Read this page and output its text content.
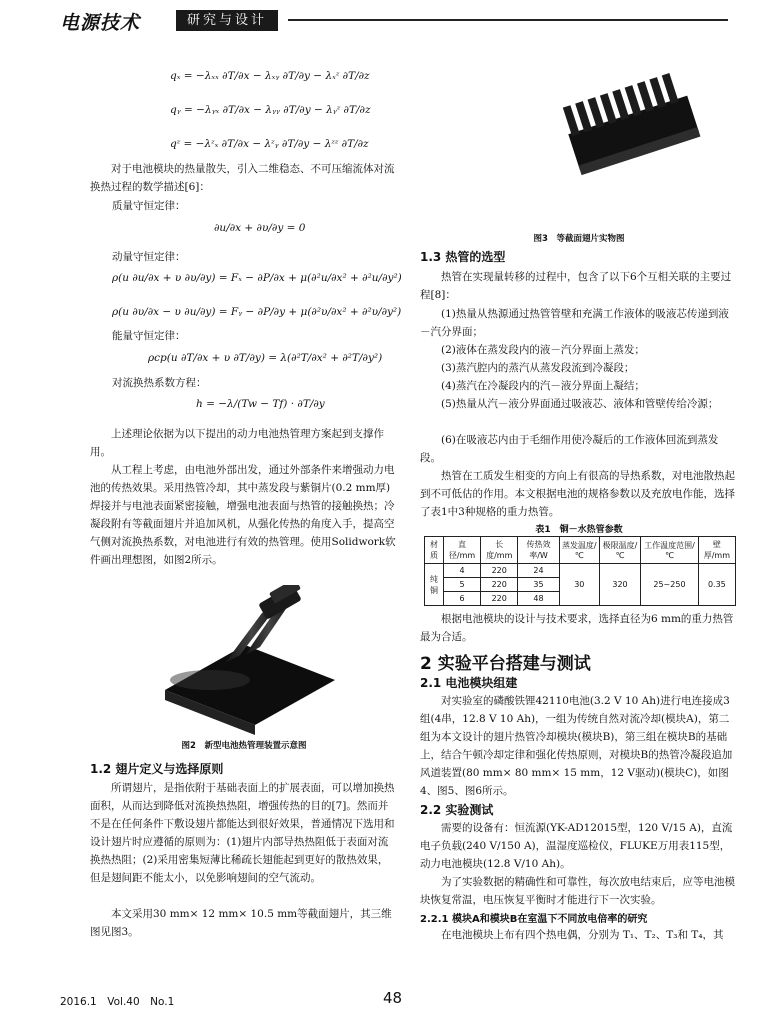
电源技术	研究与设计
qₓ = −λₓₓ ∂T/∂x − λₓᵧ ∂T/∂y − λₓᶻ ∂T/∂z
qᵧ = −λᵧₓ ∂T/∂x − λᵧᵧ ∂T/∂y − λᵧᶻ ∂T/∂z
qᶻ = −λᶻₓ ∂T/∂x − λᶻᵧ ∂T/∂y − λᶻᶻ ∂T/∂z
对于电池模块的热量散失，引入二维稳态、不可压缩流体对流换热过程的数学描述[6]：
质量守恒定律：
∂u/∂x + ∂υ/∂y = 0
动量守恒定律：
ρ(u ∂u/∂x + υ ∂υ/∂y) = Fₓ − ∂P/∂x + μ(∂²u/∂x² + ∂²u/∂y²)
ρ(u ∂υ/∂x − υ ∂u/∂y) = Fᵧ − ∂P/∂y + μ(∂²υ/∂x² + ∂²υ/∂y²)
能量守恒定律：
ρcp(u ∂T/∂x + υ ∂T/∂y) = λ(∂²T/∂x² + ∂²T/∂y²)
对流换热系数方程：
h = −λ/(Tw − Tf) · ∂T/∂y
上述理论依据为以下提出的动力电池热管理方案起到支撑作用。
从工程上考虑，由电池外部出发，通过外部条件来增强动力电池的传热效果。采用热管冷却，其中蒸发段与紫铜片(0.2 mm厚)焊接并与电池表面紧密接触，增强电池表面与热管的接触换热；冷凝段附有等截面翅片并追加风机，从强化传热的角度入手，提高空气侧对流换热系数，对电池进行有效的热管理。使用Solidwork软件画出理想图，如图2所示。
图2　新型电池热管理装置示意图
1.2 翅片定义与选择原则
所谓翅片，是指依附于基础表面上的扩展表面，可以增加换热面积，从而达到降低对流换热热阻，增强传热的目的[7]。然而并不是在任何条件下敷设翅片都能达到很好效果，普通情况下选用和设计翅片时应遵循的原则为：(1)翅片内部导热热阻低于表面对流换热热阻；(2)采用密集短薄比稀疏长翅能起到更好的散热效果，但是翅间距不能太小，以免影响翅间的空气流动。
本文采用30 mm× 12 mm× 10.5 mm等截面翅片，其三维图见图3。
图3　等截面翅片实物图
1.3 热管的选型
热管在实现量转移的过程中，包含了以下6个互相关联的主要过程[8]：
(1)热量从热源通过热管管壁和充满工作液体的吸液芯传递到液－汽分界面；
(2)液体在蒸发段内的液－汽分界面上蒸发；
(3)蒸汽腔内的蒸汽从蒸发段流到冷凝段；
(4)蒸汽在冷凝段内的汽－液分界面上凝结；
(5)热量从汽－液分界面通过吸液芯、液体和管壁传给冷源；
(6)在吸液芯内由于毛细作用使冷凝后的工作液体回流到蒸发段。
热管在工质发生相变的方向上有很高的导热系数，对电池散热起到不可低估的作用。本文根据电池的规格参数以及充放电作能，选择了表1中3种规格的重力热管。
表1　铜－水热管参数
材质	直径/mm	长度/mm	传热效率/W	蒸发温度/℃	极限温度/℃	工作温度范围/℃	壁厚/mm
纯铜	4	220	24	30	320	25~250	0.35
	5	220	35				
	6	220	48				
根据电池模块的设计与技术要求，选择直径为6 mm的重力热管最为合适。
2 实验平台搭建与测试
2.1 电池模块组建
对实验室的磷酸铁锂42110电池(3.2 V 10 Ah)进行电连接成3组(4串，12.8 V 10 Ah)，一组为传统自然对流冷却(模块A)，第二组为本文设计的翅片热管冷却模块(模块B)，第三组在模块B的基础上，结合午顿冷却定律和强化传热原则，对模块B的热管冷凝段追加风道装置(80 mm× 80 mm× 15 mm，12 V驱动)(模块C)，如图4、图5、图6所示。
2.2 实验测试
需要的设备有：恒流源(YK-AD12015型，120 V/15 A)，直流电子负载(240 V/150 A)，温湿度巡检仪，FLUKE万用表115型，动力电池模块(12.8 V/10 Ah)。
为了实验数据的精确性和可靠性，每次放电结束后，应等电池模块恢复常温，电压恢复平衡时才能进行下一次实验。
2.2.1 模块A和模块B在室温下不同放电倍率的研究
在电池模块上布有四个热电偶，分别为 T₁、T₂、T₃和 T₄，其
2016.1　Vol.40　No.1	48
